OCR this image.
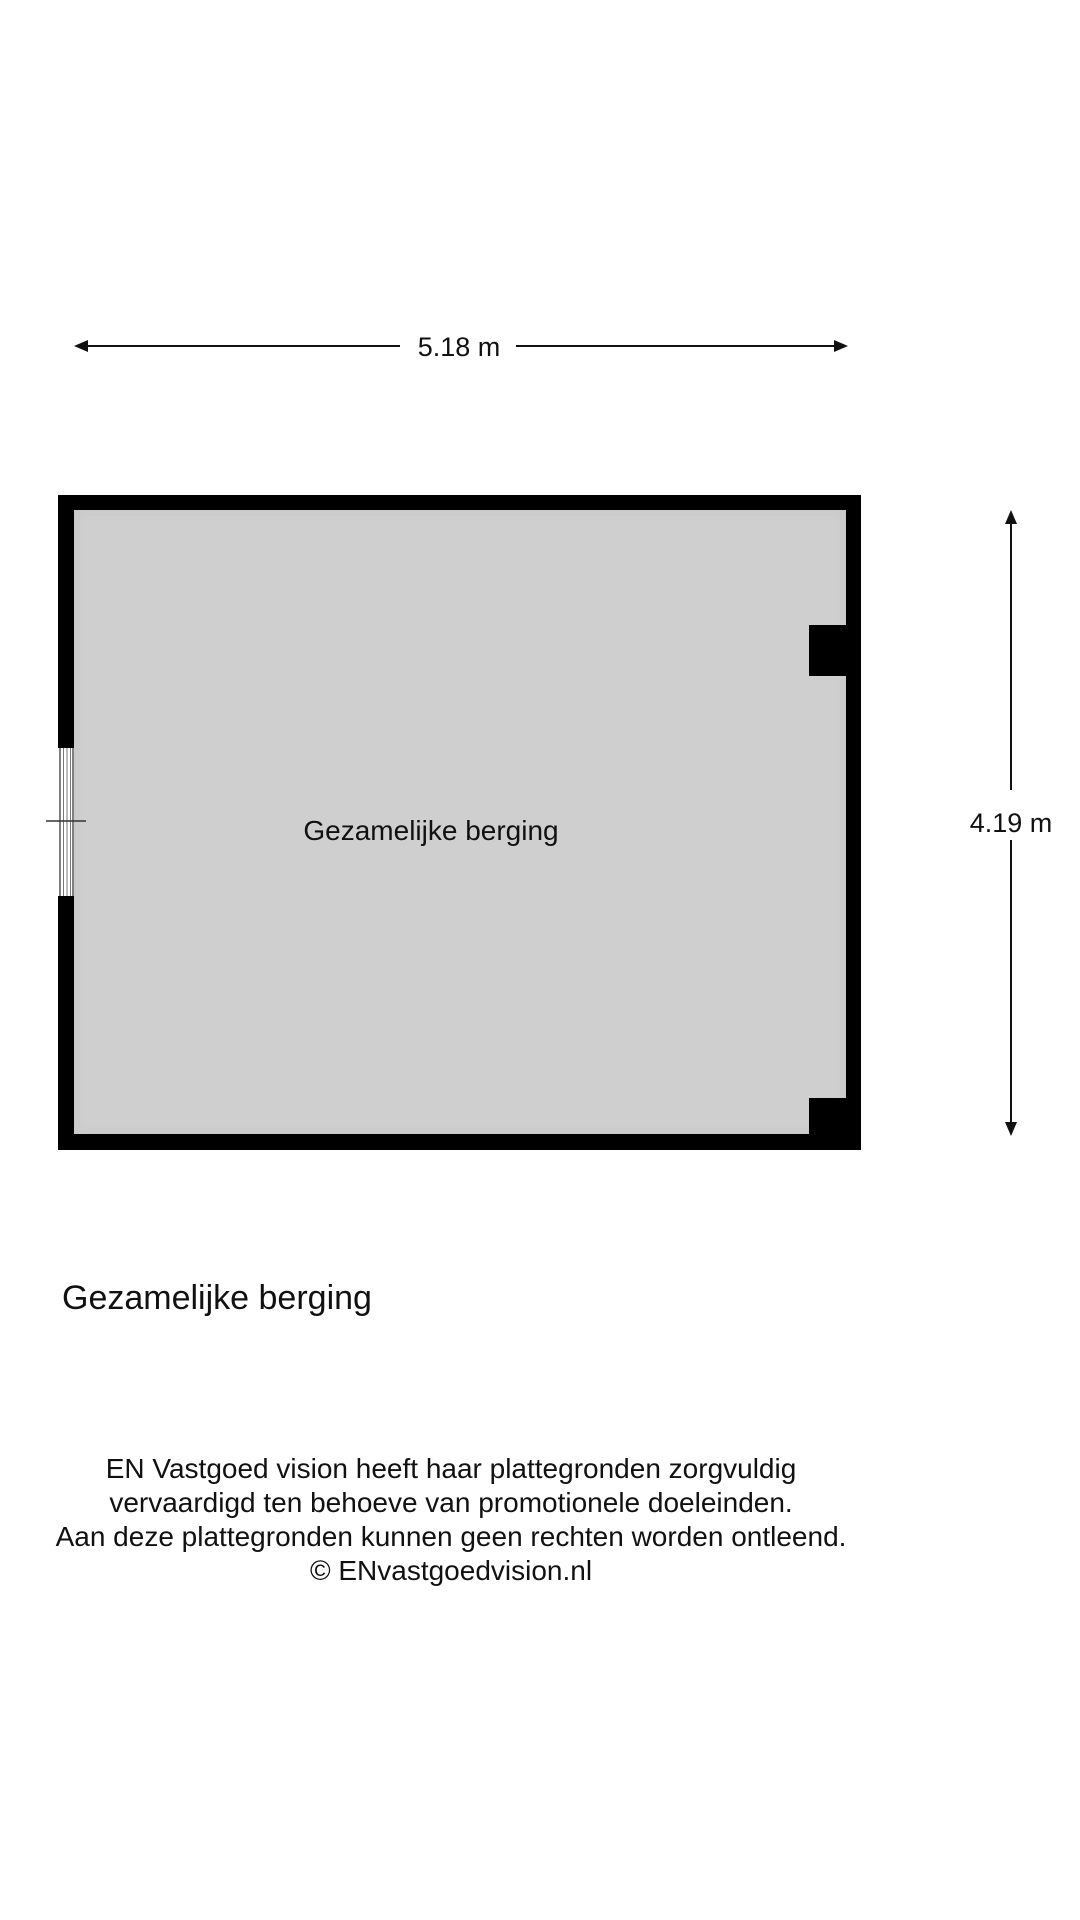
5.18 m
4.19 m
Gezamelijke berging
Gezamelijke berging
EN Vastgoed vision heeft haar plattegronden zorgvuldig
vervaardigd ten behoeve van promotionele doeleinden.
Aan deze plattegronden kunnen geen rechten worden ontleend.
© ENvastgoedvision.nl
